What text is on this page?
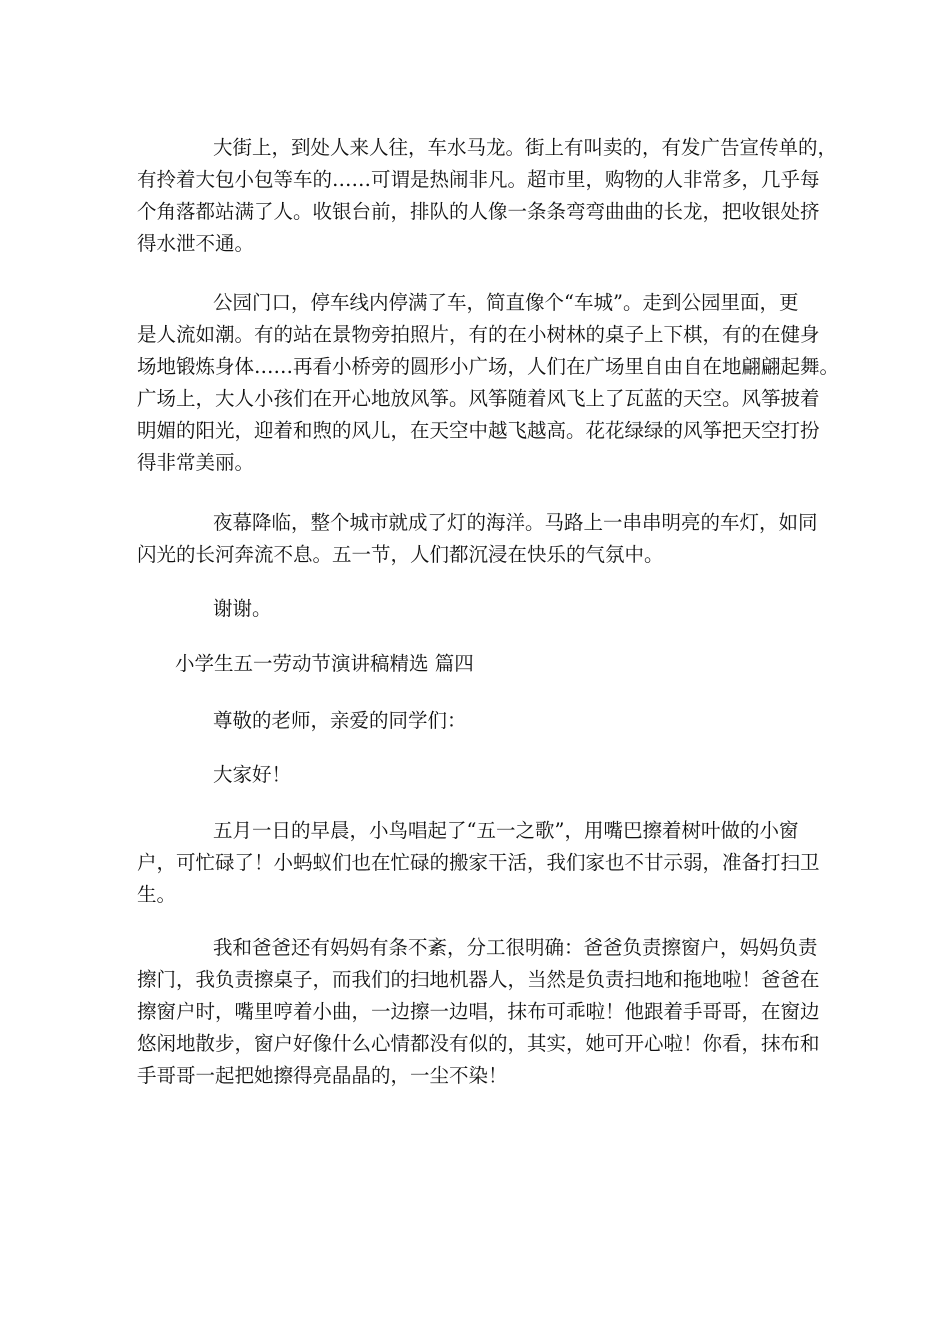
大街上，到处人来人往，车水马龙。街上有叫卖的，有发广告宣传单的，
有拎着大包小包等车的……可谓是热闹非凡。超市里，购物的人非常多，几乎每
个角落都站满了人。收银台前，排队的人像一条条弯弯曲曲的长龙，把收银处挤
得水泄不通。
公园门口，停车线内停满了车，简直像个“车城”。走到公园里面，更
是人流如潮。有的站在景物旁拍照片，有的在小树林的桌子上下棋，有的在健身
场地锻炼身体……再看小桥旁的圆形小广场，人们在广场里自由自在地翩翩起舞。
广场上，大人小孩们在开心地放风筝。风筝随着风飞上了瓦蓝的天空。风筝披着
明媚的阳光，迎着和煦的风儿，在天空中越飞越高。花花绿绿的风筝把天空打扮
得非常美丽。
夜幕降临，整个城市就成了灯的海洋。马路上一串串明亮的车灯，如同
闪光的长河奔流不息。五一节，人们都沉浸在快乐的气氛中。
谢谢。
小学生五一劳动节演讲稿精选 篇四
尊敬的老师，亲爱的同学们：
大家好！
五月一日的早晨，小鸟唱起了“五一之歌”，用嘴巴擦着树叶做的小窗
户，可忙碌了！小蚂蚁们也在忙碌的搬家干活，我们家也不甘示弱，准备打扫卫
生。
我和爸爸还有妈妈有条不紊，分工很明确：爸爸负责擦窗户，妈妈负责
擦门，我负责擦桌子，而我们的扫地机器人，当然是负责扫地和拖地啦！爸爸在
擦窗户时，嘴里哼着小曲，一边擦一边唱，抹布可乖啦！他跟着手哥哥，在窗边
悠闲地散步，窗户好像什么心情都没有似的，其实，她可开心啦！你看，抹布和
手哥哥一起把她擦得亮晶晶的，一尘不染！
